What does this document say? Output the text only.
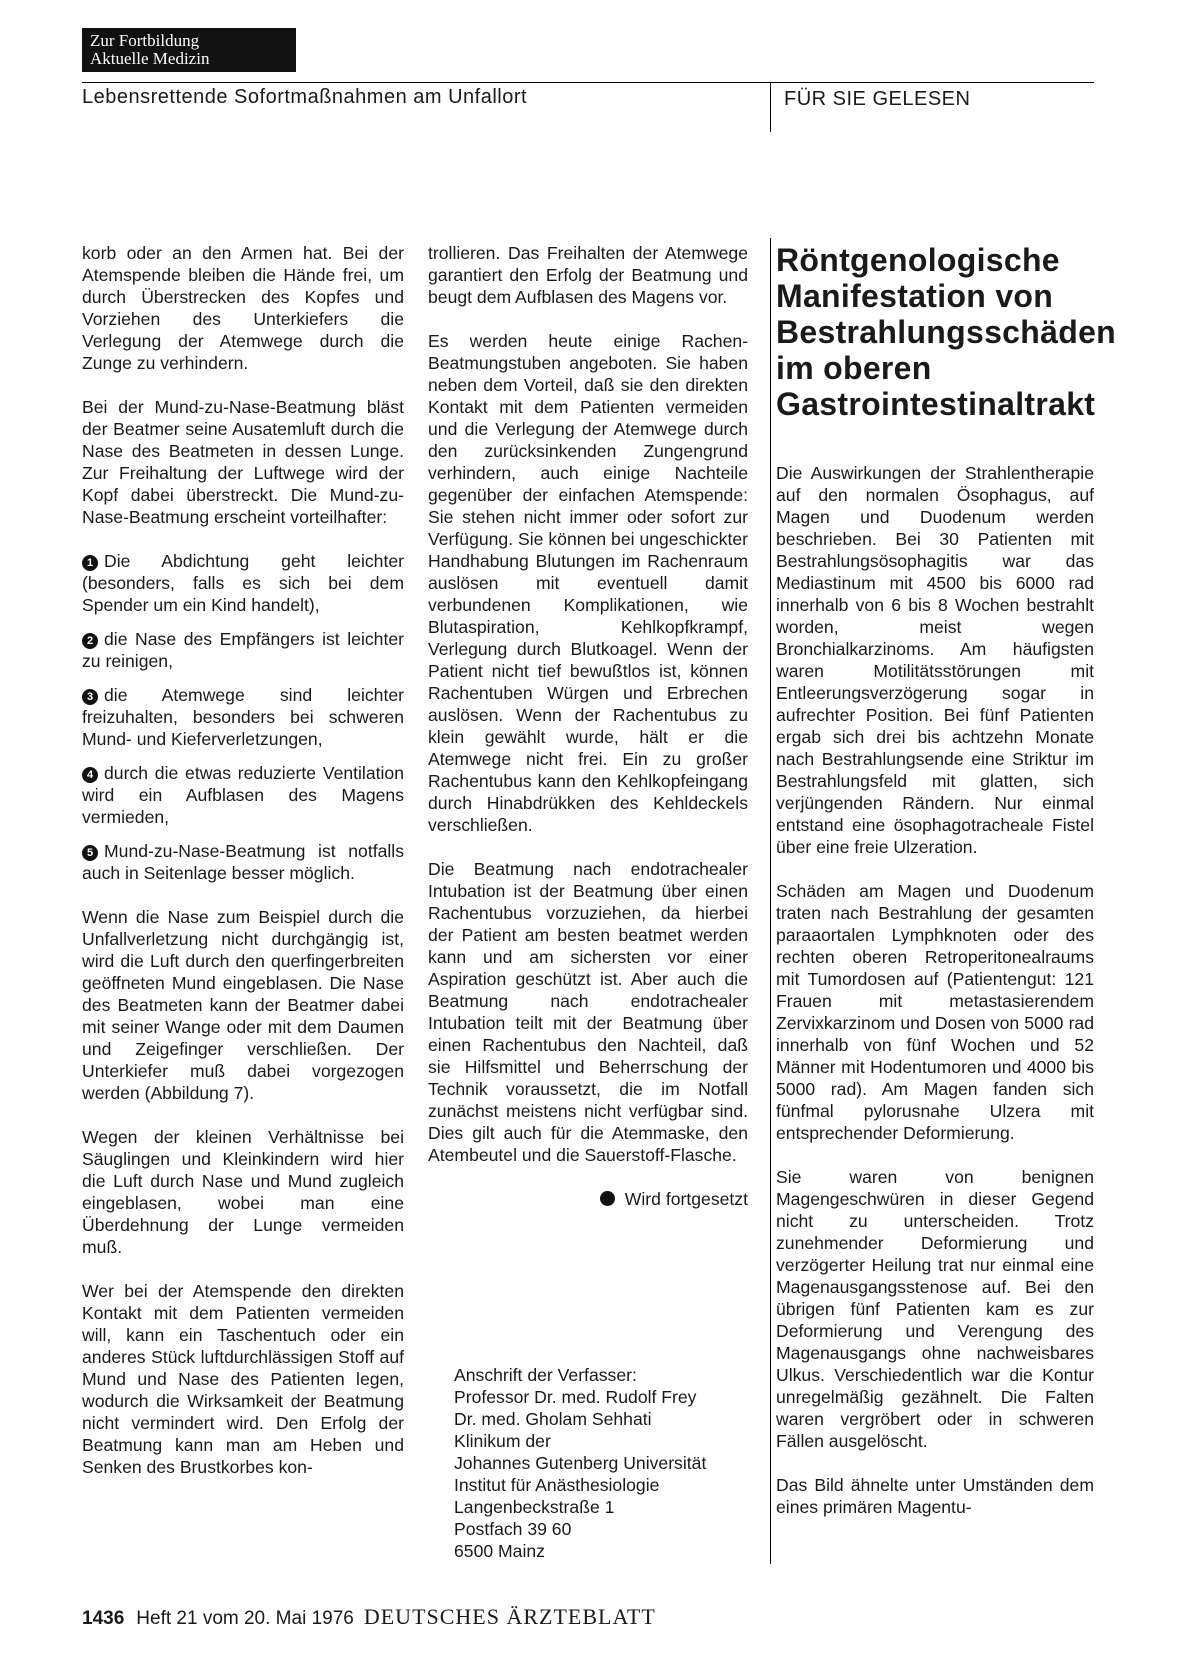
Zur Fortbildung
Aktuelle Medizin
Lebensrettende Sofortmaßnahmen am Unfallort	FÜR SIE GELESEN

korb oder an den Armen hat. Bei der Atemspende bleiben die Hände frei, um durch Überstrecken des Kopfes und Vorziehen des Unterkiefers die Verlegung der Atemwege durch die Zunge zu verhindern.

Bei der Mund-zu-Nase-Beatmung bläst der Beatmer seine Ausatemluft durch die Nase des Beatmeten in dessen Lunge. Zur Freihaltung der Luftwege wird der Kopf dabei überstreckt. Die Mund-zu-Nase-Beatmung erscheint vorteilhafter:

1 Die Abdichtung geht leichter (besonders, falls es sich bei dem Spender um ein Kind handelt),
2 die Nase des Empfängers ist leichter zu reinigen,
3 die Atemwege sind leichter freizuhalten, besonders bei schweren Mund- und Kieferverletzungen,
4 durch die etwas reduzierte Ventilation wird ein Aufblasen des Magens vermieden,
5 Mund-zu-Nase-Beatmung ist notfalls auch in Seitenlage besser möglich.

Wenn die Nase zum Beispiel durch die Unfallverletzung nicht durchgängig ist, wird die Luft durch den querfingerbreiten geöffneten Mund eingeblasen. Die Nase des Beatmeten kann der Beatmer dabei mit seiner Wange oder mit dem Daumen und Zeigefinger verschließen. Der Unterkiefer muß dabei vorgezogen werden (Abbildung 7).

Wegen der kleinen Verhältnisse bei Säuglingen und Kleinkindern wird hier die Luft durch Nase und Mund zugleich eingeblasen, wobei man eine Überdehnung der Lunge vermeiden muß.

Wer bei der Atemspende den direkten Kontakt mit dem Patienten vermeiden will, kann ein Taschentuch oder ein anderes Stück luftdurchlässigen Stoff auf Mund und Nase des Patienten legen, wodurch die Wirksamkeit der Beatmung nicht vermindert wird. Den Erfolg der Beatmung kann man am Heben und Senken des Brustkorbes kon-

trollieren. Das Freihalten der Atemwege garantiert den Erfolg der Beatmung und beugt dem Aufblasen des Magens vor.

Es werden heute einige Rachen-Beatmungstuben angeboten. Sie haben neben dem Vorteil, daß sie den direkten Kontakt mit dem Patienten vermeiden und die Verlegung der Atemwege durch den zurücksinkenden Zungengrund verhindern, auch einige Nachteile gegenüber der einfachen Atemspende: Sie stehen nicht immer oder sofort zur Verfügung. Sie können bei ungeschickter Handhabung Blutungen im Rachenraum auslösen mit eventuell damit verbundenen Komplikationen, wie Blutaspiration, Kehlkopfkrampf, Verlegung durch Blutkoagel. Wenn der Patient nicht tief bewußtlos ist, können Rachentuben Würgen und Erbrechen auslösen. Wenn der Rachentubus zu klein gewählt wurde, hält er die Atemwege nicht frei. Ein zu großer Rachentubus kann den Kehlkopfeingang durch Hinabdrükken des Kehldeckels verschließen.

Die Beatmung nach endotrachealer Intubation ist der Beatmung über einen Rachentubus vorzuziehen, da hierbei der Patient am besten beatmet werden kann und am sichersten vor einer Aspiration geschützt ist. Aber auch die Beatmung nach endotrachealer Intubation teilt mit der Beatmung über einen Rachentubus den Nachteil, daß sie Hilfsmittel und Beherrschung der Technik voraussetzt, die im Notfall zunächst meistens nicht verfügbar sind. Dies gilt auch für die Atemmaske, den Atembeutel und die Sauerstoff-Flasche.

Wird fortgesetzt
Anschrift der Verfasser:
Professor Dr. med. Rudolf Frey
Dr. med. Gholam Sehhati
Klinikum der
Johannes Gutenberg Universität
Institut für Anästhesiologie
Langenbeckstraße 1
Postfach 39 60
6500 Mainz
Röntgenologische Manifestation von Bestrahlungsschäden im oberen Gastrointestinaltrakt

Die Auswirkungen der Strahlentherapie auf den normalen Ösophagus, auf Magen und Duodenum werden beschrieben. Bei 30 Patienten mit Bestrahlungsösophagitis war das Mediastinum mit 4500 bis 6000 rad innerhalb von 6 bis 8 Wochen bestrahlt worden, meist wegen Bronchialkarzinoms. Am häufigsten waren Motilitätsstörungen mit Entleerungsverzögerung sogar in aufrechter Position. Bei fünf Patienten ergab sich drei bis achtzehn Monate nach Bestrahlungsende eine Striktur im Bestrahlungsfeld mit glatten, sich verjüngenden Rändern. Nur einmal entstand eine ösophagotracheale Fistel über eine freie Ulzeration.

Schäden am Magen und Duodenum traten nach Bestrahlung der gesamten paraaortalen Lymphknoten oder des rechten oberen Retroperitonealraums mit Tumordosen auf (Patientengut: 121 Frauen mit metastasierendem Zervixkarzinom und Dosen von 5000 rad innerhalb von fünf Wochen und 52 Männer mit Hodentumoren und 4000 bis 5000 rad). Am Magen fanden sich fünfmal pylorusnahe Ulzera mit entsprechender Deformierung.

Sie waren von benignen Magengeschwüren in dieser Gegend nicht zu unterscheiden. Trotz zunehmender Deformierung und verzögerter Heilung trat nur einmal eine Magenausgangsstenose auf. Bei den übrigen fünf Patienten kam es zur Deformierung und Verengung des Magenausgangs ohne nachweisbares Ulkus. Verschiedentlich war die Kontur unregelmäßig gezähnelt. Die Falten waren vergröbert oder in schweren Fällen ausgelöscht.

Das Bild ähnelte unter Umständen dem eines primären Magentu-

1436 Heft 21 vom 20. Mai 1976 DEUTSCHES ÄRZTEBLATT
